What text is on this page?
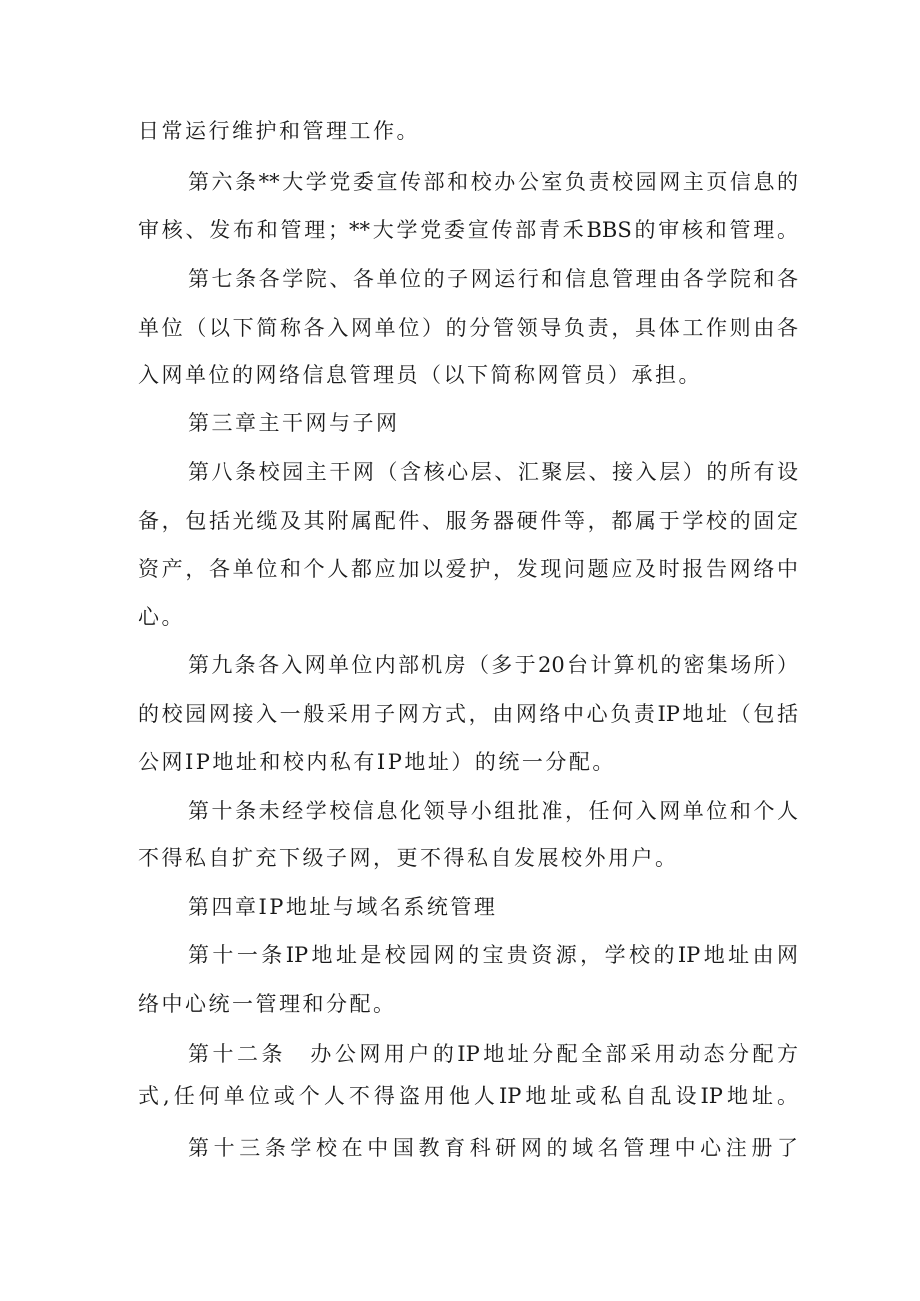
日常运行维护和管理工作。

第六条**大学党委宣传部和校办公室负责校园网主页信息的

审核、发布和管理；**大学党委宣传部青禾BBS的审核和管理。

第七条各学院、各单位的子网运行和信息管理由各学院和各

单位（以下简称各入网单位）的分管领导负责，具体工作则由各

入网单位的网络信息管理员（以下简称网管员）承担。

第三章主干网与子网

第八条校园主干网（含核心层、汇聚层、接入层）的所有设

备，包括光缆及其附属配件、服务器硬件等，都属于学校的固定

资产，各单位和个人都应加以爱护，发现问题应及时报告网络中

心。

第九条各入网单位内部机房（多于20台计算机的密集场所）

的校园网接入一般采用子网方式，由网络中心负责IP地址（包括

公网IP地址和校内私有IP地址）的统一分配。

第十条未经学校信息化领导小组批准，任何入网单位和个人

不得私自扩充下级子网，更不得私自发展校外用户。

第四章IP地址与域名系统管理

第十一条IP地址是校园网的宝贵资源，学校的IP地址由网

络中心统一管理和分配。

第十二条　办公网用户的IP地址分配全部采用动态分配方

式,任何单位或个人不得盗用他人IP地址或私自乱设IP地址。

第十三条学校在中国教育科研网的域名管理中心注册了
